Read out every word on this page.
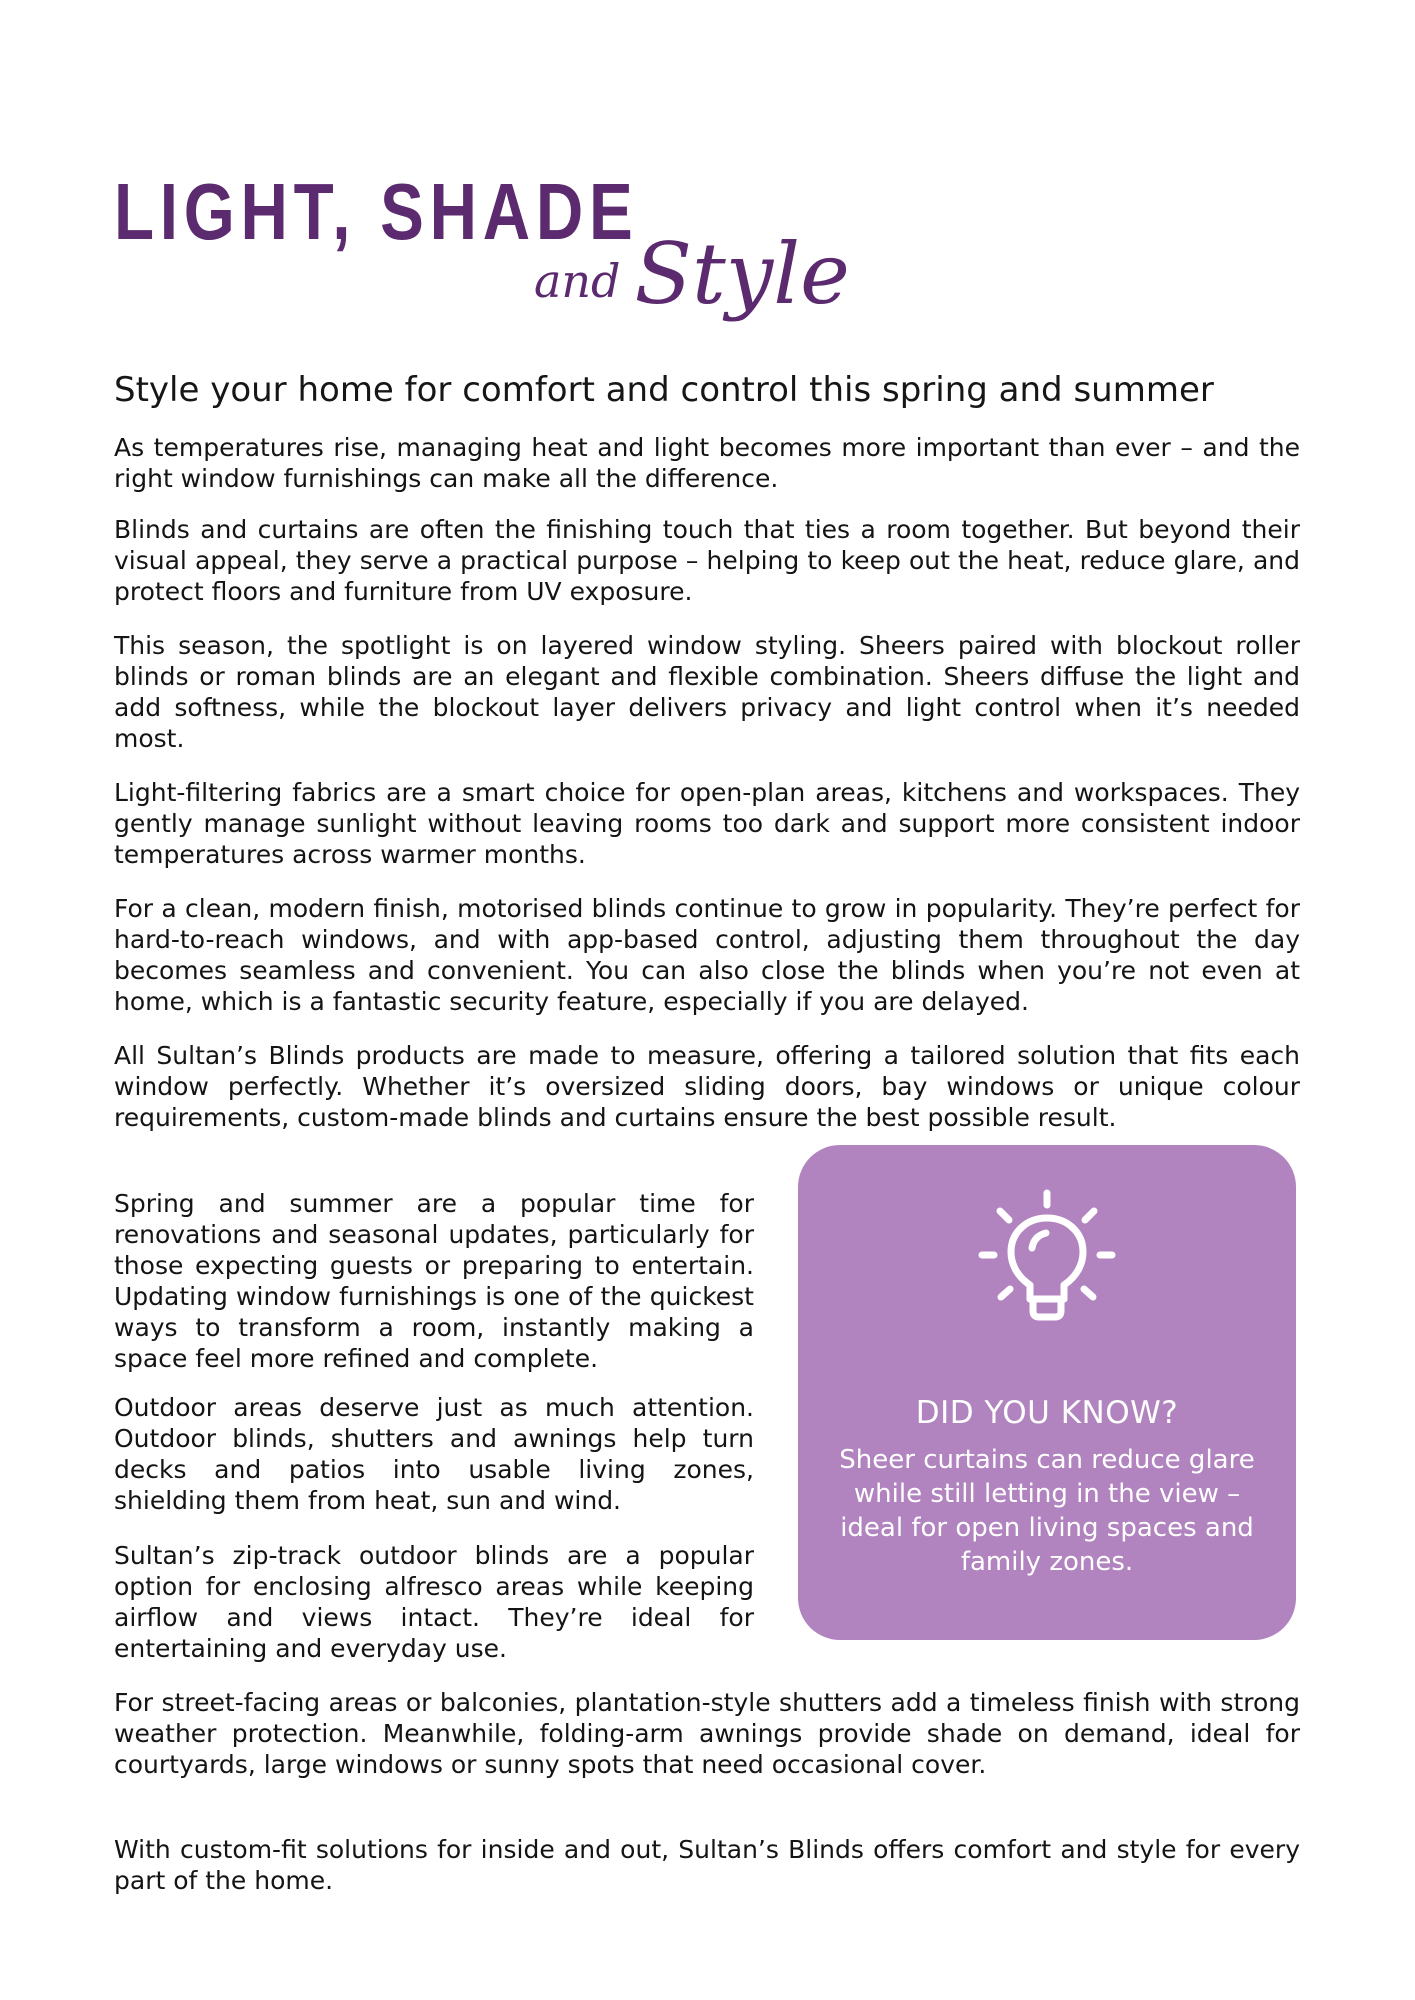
LIGHT, SHADE
and Style
Style your home for comfort and control this spring and summer

As temperatures rise, managing heat and light becomes more important than ever – and the right window furnishings can make all the difference.

Blinds and curtains are often the finishing touch that ties a room together. But beyond their visual appeal, they serve a practical purpose – helping to keep out the heat, reduce glare, and protect floors and furniture from UV exposure.

This season, the spotlight is on layered window styling. Sheers paired with blockout roller blinds or roman blinds are an elegant and flexible combination. Sheers diffuse the light and add softness, while the blockout layer delivers privacy and light control when it’s needed most.

Light-filtering fabrics are a smart choice for open-plan areas, kitchens and workspaces. They gently manage sunlight without leaving rooms too dark and support more consistent indoor temperatures across warmer months.

For a clean, modern finish, motorised blinds continue to grow in popularity. They’re perfect for hard-to-reach windows, and with app-based control, adjusting them throughout the day becomes seamless and convenient. You can also close the blinds when you’re not even at home, which is a fantastic security feature, especially if you are delayed.

All Sultan’s Blinds products are made to measure, offering a tailored solution that fits each window perfectly. Whether it’s oversized sliding doors, bay windows or unique colour requirements, custom-made blinds and curtains ensure the best possible result.

Spring and summer are a popular time for renovations and seasonal updates, particularly for those expecting guests or preparing to entertain. Updating window furnishings is one of the quickest ways to transform a room, instantly making a space feel more refined and complete.

Outdoor areas deserve just as much attention. Outdoor blinds, shutters and awnings help turn decks and patios into usable living zones, shielding them from heat, sun and wind.

Sultan’s zip-track outdoor blinds are a popular option for enclosing alfresco areas while keeping airflow and views intact. They’re ideal for entertaining and everyday use.

For street-facing areas or balconies, plantation-style shutters add a timeless finish with strong weather protection. Meanwhile, folding-arm awnings provide shade on demand, ideal for courtyards, large windows or sunny spots that need occasional cover.

With custom-fit solutions for inside and out, Sultan’s Blinds offers comfort and style for every part of the home.

DID YOU KNOW?
Sheer curtains can reduce glare while still letting in the view – ideal for open living spaces and family zones.
